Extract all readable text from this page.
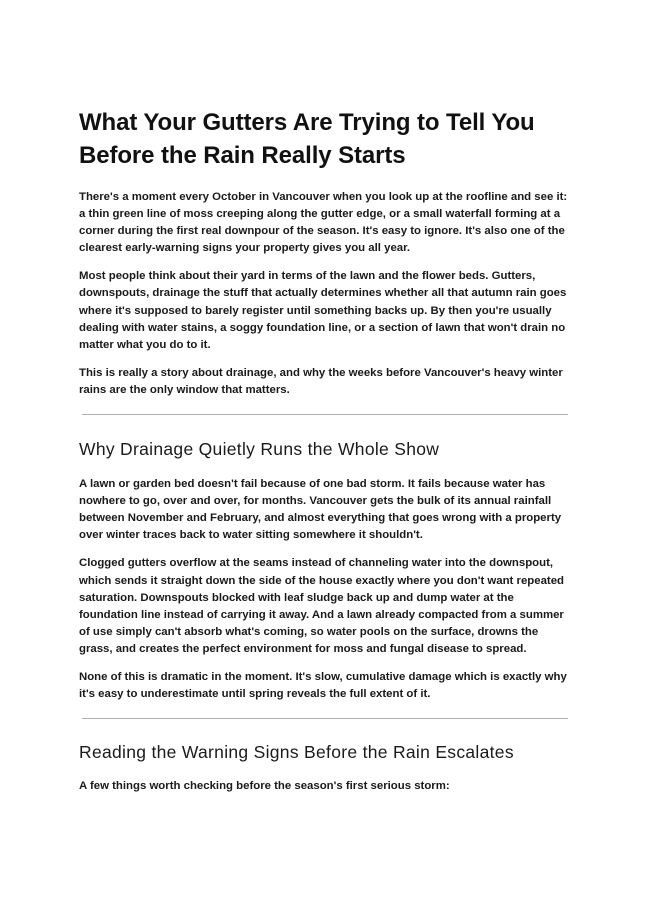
What Your Gutters Are Trying to Tell You Before the Rain Really Starts

There's a moment every October in Vancouver when you look up at the roofline and see it: a thin green line of moss creeping along the gutter edge, or a small waterfall forming at a corner during the first real downpour of the season. It's easy to ignore. It's also one of the clearest early-warning signs your property gives you all year.

Most people think about their yard in terms of the lawn and the flower beds. Gutters, downspouts, drainage the stuff that actually determines whether all that autumn rain goes where it's supposed to barely register until something backs up. By then you're usually dealing with water stains, a soggy foundation line, or a section of lawn that won't drain no matter what you do to it.

This is really a story about drainage, and why the weeks before Vancouver's heavy winter rains are the only window that matters.

Why Drainage Quietly Runs the Whole Show

A lawn or garden bed doesn't fail because of one bad storm. It fails because water has nowhere to go, over and over, for months. Vancouver gets the bulk of its annual rainfall between November and February, and almost everything that goes wrong with a property over winter traces back to water sitting somewhere it shouldn't.

Clogged gutters overflow at the seams instead of channeling water into the downspout, which sends it straight down the side of the house exactly where you don't want repeated saturation. Downspouts blocked with leaf sludge back up and dump water at the foundation line instead of carrying it away. And a lawn already compacted from a summer of use simply can't absorb what's coming, so water pools on the surface, drowns the grass, and creates the perfect environment for moss and fungal disease to spread.

None of this is dramatic in the moment. It's slow, cumulative damage which is exactly why it's easy to underestimate until spring reveals the full extent of it.

Reading the Warning Signs Before the Rain Escalates

A few things worth checking before the season's first serious storm:
